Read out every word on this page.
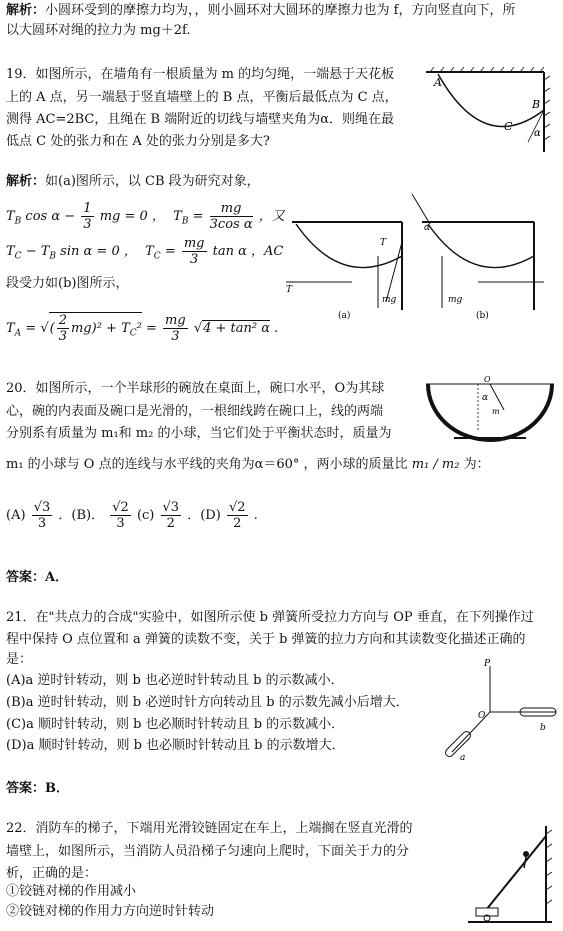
解析：小圆环受到的摩擦力均为，，则小圆环对大圆环的摩擦力也为 f，方向竖直向下，所
以大圆环对绳的拉力为 mg＋2f.
19．如图所示，在墙角有一根质量为 m 的均匀绳，一端悬于天花板
上的 A 点，另一端悬于竖直墙壁上的 B 点，平衡后最低点为 C 点，
测得 AC=2BC，且绳在 B 端附近的切线与墙壁夹角为α．则绳在最
低点 C 处的张力和在 A 处的张力分别是多大?
A
B
C
α
解析：如(a)图所示，以 CB 段为研究对象，
$T_B$ $\cos \alpha - \frac{1}{3}$ mg = 0 ，  $T_B = \frac{mg}{\text{3cos α}}$ ，又
$T_C - T_B$ sin α = 0 ， $T_C = \frac{mg}{3}$ tan α ，AC
段受力如(b)图所示，
$T_A$ = √( $\frac{2}{3} mg)^2 + T_C^2 = \frac{mg}{3} √4 + \tan^2$ α .
T
T
mg
(a)
mg
α
(b)
20．如图所示，一个半球形的碗放在桌面上，碗口水平，O为其球
心，碗的内表面及碗口是光滑的，一根细线跨在碗口上，线的两端
分别系有质量为 m₁和 m₂ 的小球，当它们处于平衡状态时，质量为
m₁ 的小球与 O 点的连线与水平线的夹角为α＝60° ，两小球的质量比 m₁ / m₂ 为：
α
m
O
$(A) \frac{√3}{3}$ ．(B)． $\frac{√2}{3} (c) \frac{√3}{2}$ ．$(D) \frac{√2}{2}$ .
答案：A．
21．在"共点力的合成"实验中，如图所示使 b 弹簧所受拉力方向与 OP 垂直，在下列操作过
程中保持 O 点位置和 a 弹簧的读数不变，关于 b 弹簧的拉力方向和其读数变化描述正确的
是：
(A)a 逆时针转动，则 b 也必逆时针转动且 b 的示数减小．
(B)a 逆时针转动，则 b 必逆时针方向转动且 b 的示数先减小后增大．
(C)a 顺时针转动，则 b 也必顺时针转动且 b 的示数减小．
(D)a 顺时针转动，则 b 也必顺时针转动且 b 的示数增大．
P
O
a
b
答案：B．
22．消防车的梯子，下端用光滑铰链固定在车上，上端搁在竖直光滑的
墙壁上，如图所示，当消防人员沿梯子匀速向上爬时，下面关于力的分
析，正确的是：
①铰链对梯的作用减小
②铰链对梯的作用力方向逆时针转动
